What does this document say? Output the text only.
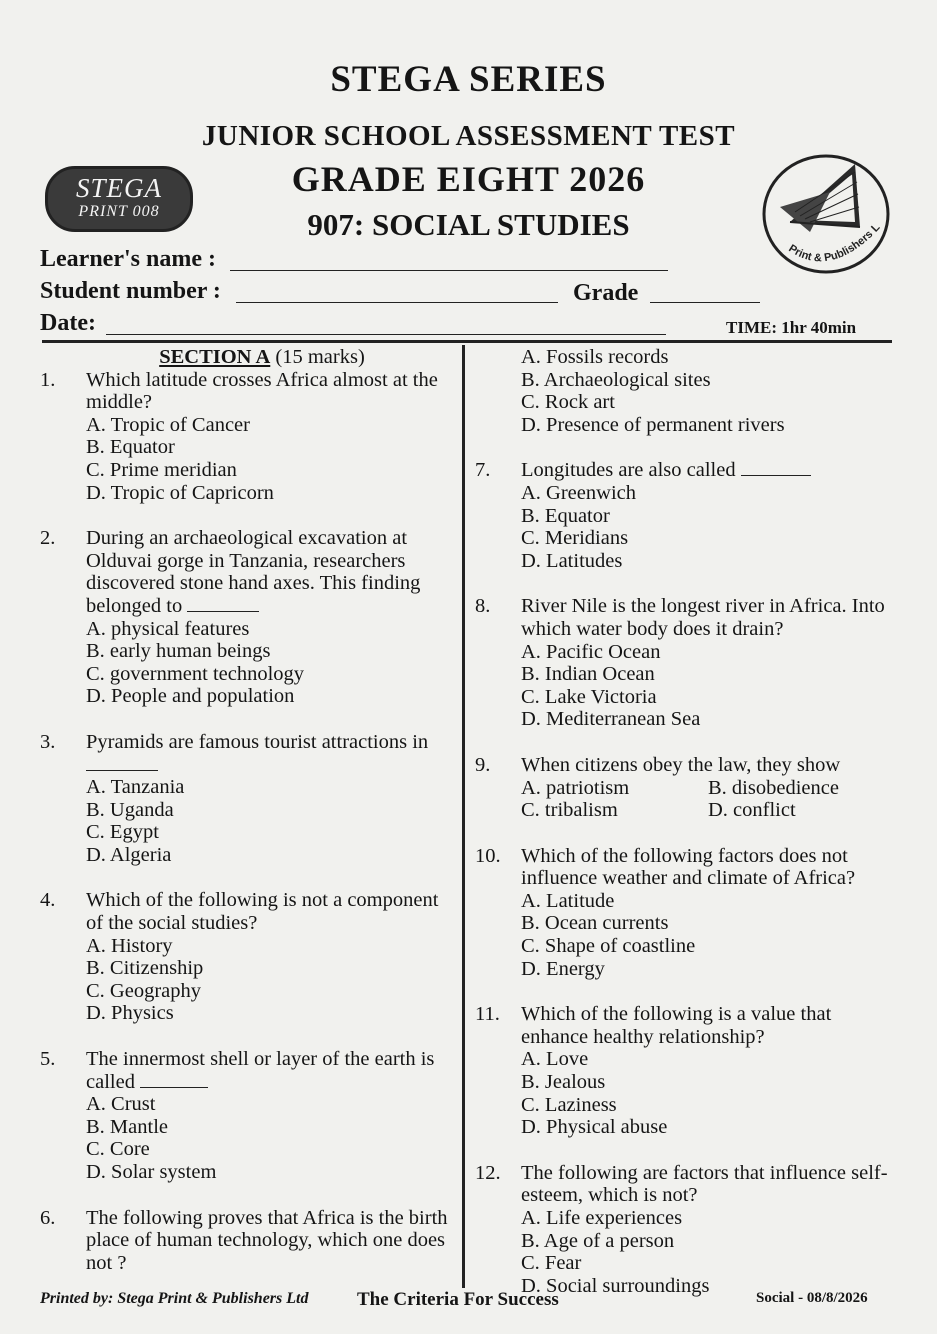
STEGA SERIES
JUNIOR SCHOOL ASSESSMENT TEST
GRADE EIGHT 2026
907: SOCIAL STUDIES
STEGA
PRINT 008
Print & Publishers L
Learner's name :
Student number :	Grade
Date:	TIME: 1hr 40min
SECTION A (15 marks)
1.	Which latitude crosses Africa almost at the middle?
A. Tropic of Cancer
B. Equator
C. Prime meridian
D. Tropic of Capricorn
2.	During an archaeological excavation at Olduvai gorge in Tanzania, researchers discovered stone hand axes. This finding belonged to
A. physical features
B. early human beings
C. government technology
D. People and population
3.	Pyramids are famous tourist attractions in
A. Tanzania
B. Uganda
C. Egypt
D. Algeria
4.	Which of the following is not a component of the social studies?
A. History
B. Citizenship
C. Geography
D. Physics
5.	The innermost shell or layer of the earth is called
A. Crust
B. Mantle
C. Core
D. Solar system
6.	The following proves that Africa is the birth place of human technology, which one does not ?
A. Fossils records
B. Archaeological sites
C. Rock art
D. Presence of permanent rivers
7.	Longitudes are also called
A. Greenwich
B. Equator
C. Meridians
D. Latitudes
8.	River Nile is the longest river in Africa. Into which water body does it drain?
A. Pacific Ocean
B. Indian Ocean
C. Lake Victoria
D. Mediterranean Sea
9.	When citizens obey the law, they show
A. patriotism	B. disobedience
C. tribalism	D. conflict
10. Which of the following factors does not influence weather and climate of Africa?
A. Latitude
B. Ocean currents
C. Shape of coastline
D. Energy
11.	Which of the following is a value that enhance healthy relationship?
A. Love
B. Jealous
C. Laziness
D. Physical abuse
12. The following are factors that influence self-esteem, which is not?
A. Life experiences
B. Age of a person
C. Fear
D. Social surroundings
Printed by: Stega Print & Publishers Ltd	The Criteria For Success	Social - 08/8/2026
